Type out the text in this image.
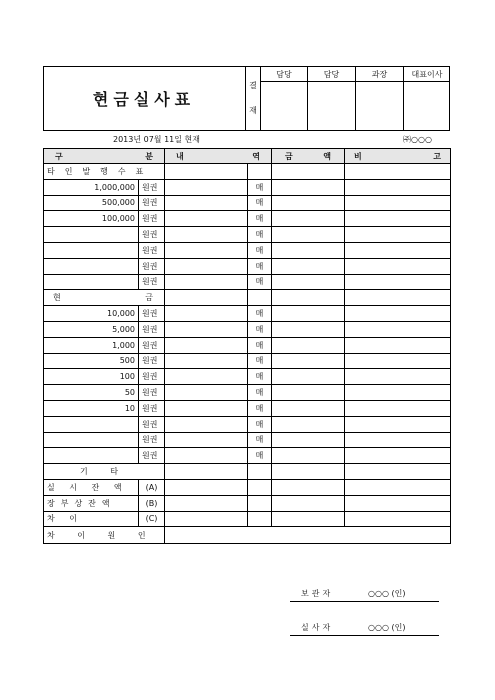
현금실사표
결
재
담당	담당	과장	대표이사
2013년 07월 11일 현재	㈜○○○
구 분		내 역		금 액	비 고

타인발행수표					
1,000,000	원권		매		
500,000	원권		매		
100,000	원권		매		
	원권		매		
	원권		매		
	원권		매		
	원권		매		

현 금					

10,000	원권		매		
5,000	원권		매		
1,000	원권		매		
500	원권		매		
100	원권		매		
50	원권		매		
10	원권		매		
	원권		매		
	원권		매		
	원권		매		
기 타					
실 시 잔 액	(A)				
장부상잔액	(B)				
차 이	(C)				
차 이 원 인					
보관자	○○○ (인)
실사자	○○○ (인)
